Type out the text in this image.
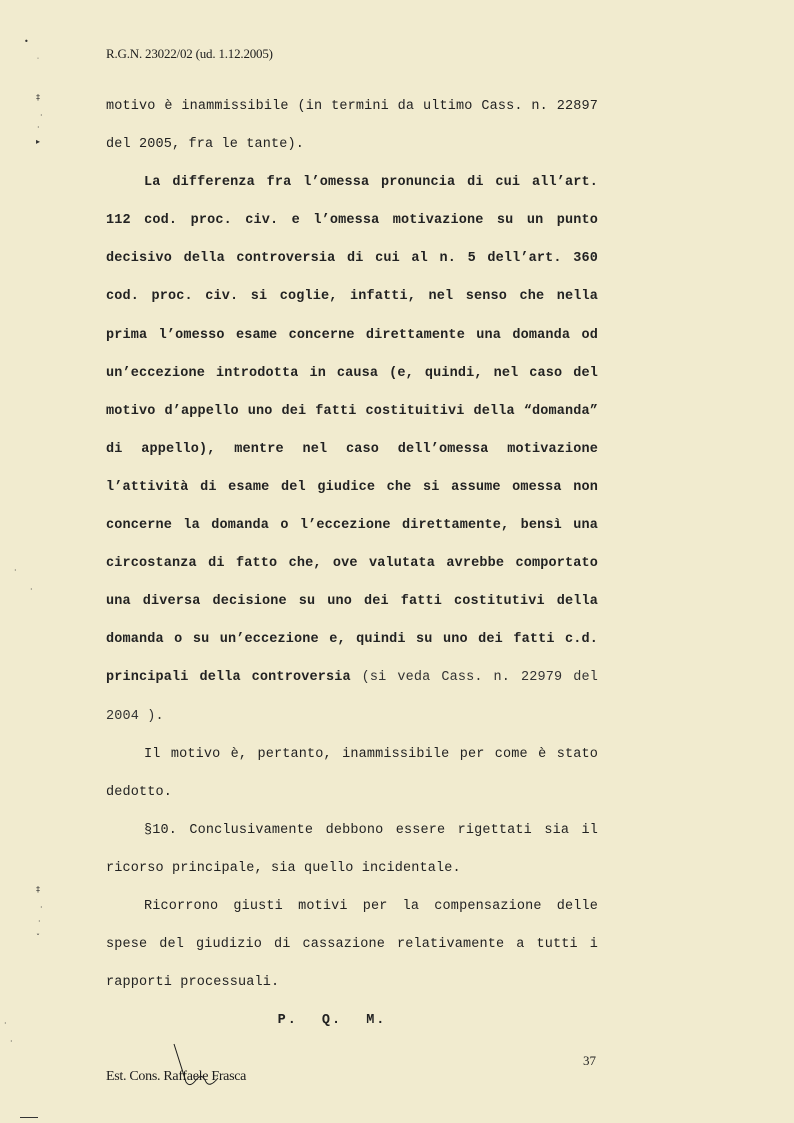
•
˙
‡
·
·
▸
·
·
‡
·
·
ˇ
·
·
R.G.N. 23022/02 (ud. 1.12.2005)

motivo è inammissibile (in termini da ultimo Cass. n. 22897 del 2005, fra le tante).

La differenza fra l’omessa pronuncia di cui all’art. 112 cod. proc. civ. e l’omessa motivazione su un punto decisivo della controversia di cui al n. 5 dell’art. 360 cod. proc. civ. si coglie, infatti, nel senso che nella prima l’omesso esame concerne direttamente una domanda od un’eccezione introdotta in causa (e, quindi, nel caso del motivo d’appello uno dei fatti costituitivi della “domanda” di appello), mentre nel caso dell’omessa motivazione l’attività di esame del giudice che si assume omessa non concerne la domanda o l’eccezione direttamente, bensì una circostanza di fatto che, ove valutata avrebbe comportato una diversa decisione su uno dei fatti costitutivi della domanda o su un’eccezione e, quindi su uno dei fatti c.d. principali della controversia (si veda Cass. n. 22979 del 2004 ).

Il motivo è, pertanto, inammissibile per come è stato dedotto.

§10. Conclusivamente debbono essere rigettati sia il ricorso principale, sia quello incidentale.

Ricorrono giusti motivi per la compensazione delle spese del giudizio di cassazione relativamente a tutti i rapporti processuali.

P. Q. M.

37
Est. Cons. Raffaele Frasca
